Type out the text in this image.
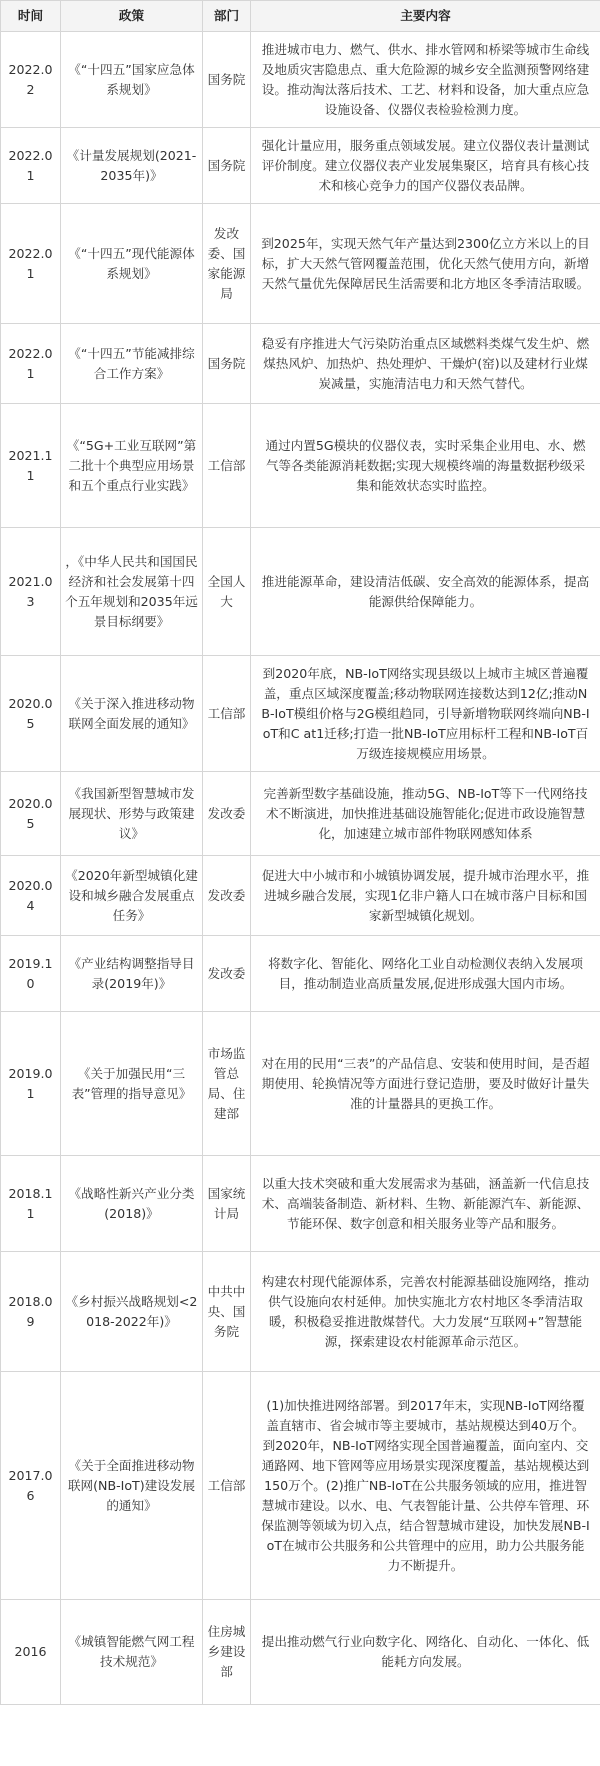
时间	政策	部门	主要内容
2022.02	《“十四五”国家应急体系规划》	国务院	推进城市电力、燃气、供水、排水管网和桥梁等城市生命线及地质灾害隐患点、重大危险源的城乡安全监测预警网络建设。推动淘汰落后技术、工艺、材料和设备，加大重点应急设施设备、仪器仪表检验检测力度。
2022.01	《计量发展规划(2021-2035年)》	国务院	强化计量应用，服务重点领域发展。建立仪器仪表计量测试评价制度。建立仪器仪表产业发展集聚区，培育具有核心技术和核心竞争力的国产仪器仪表品牌。
2022.01	《“十四五”现代能源体系规划》	发改委、国家能源局	到2025年，实现天然气年产量达到2300亿立方米以上的目标，扩大天然气管网覆盖范围，优化天然气使用方向，新增天然气量优先保障居民生活需要和北方地区冬季清洁取暖。
2022.01	《“十四五”节能减排综合工作方案》	国务院	稳妥有序推进大气污染防治重点区域燃料类煤气发生炉、燃煤热风炉、加热炉、热处理炉、干燥炉(窑)以及建材行业煤炭减量，实施清洁电力和天然气替代。
2021.11	《“5G+工业互联网”第二批十个典型应用场景和五个重点行业实践》	工信部	通过内置5G模块的仪器仪表，实时采集企业用电、水、燃气等各类能源消耗数据;实现大规模终端的海量数据秒级采集和能效状态实时监控。
2021.03	，《中华人民共和国国民经济和社会发展第十四个五年规划和2035年远景目标纲要》	全国人大	推进能源革命，建设清洁低碳、安全高效的能源体系，提高能源供给保障能力。
2020.05	《关于深入推进移动物联网全面发展的通知》	工信部	到2020年底，NB-IoT网络实现县级以上城市主城区普遍覆盖，重点区域深度覆盖;移动物联网连接数达到12亿;推动NB-IoT模组价格与2G模组趋同，引导新增物联网终端向NB-IoT和C at1迁移;打造一批NB-IoT应用标杆工程和NB-IoT百万级连接规模应用场景。
2020.05	《我国新型智慧城市发展现状、形势与政策建议》	发改委	完善新型数字基础设施，推动5G、NB-IoT等下一代网络技术不断演进，加快推进基础设施智能化;促进市政设施智慧化，加速建立城市部件物联网感知体系
2020.04	《2020年新型城镇化建设和城乡融合发展重点任务》	发改委	促进大中小城市和小城镇协调发展，提升城市治理水平，推进城乡融合发展，实现1亿非户籍人口在城市落户目标和国家新型城镇化规划。
2019.10	《产业结构调整指导目录(2019年)》	发改委	将数字化、智能化、网络化工业自动检测仪表纳入发展项目，推动制造业高质量发展,促进形成强大国内市场。
2019.01	《关于加强民用“三表”管理的指导意见》	市场监管总局、住建部	对在用的民用“三表”的产品信息、安装和使用时间，是否超期使用、轮换情况等方面进行登记造册，要及时做好计量失准的计量器具的更换工作。
2018.11	《战略性新兴产业分类(2018)》	国家统计局	以重大技术突破和重大发展需求为基础，涵盖新一代信息技术、高端装备制造、新材料、生物、新能源汽车、新能源、节能环保、数字创意和相关服务业等产品和服务。
2018.09	《乡村振兴战略规划<2018-2022年)》	中共中央、国务院	构建农村现代能源体系，完善农村能源基础设施网络，推动供气设施向农村延伸。加快实施北方农村地区冬季清洁取暖，积极稳妥推进散煤替代。大力发展“互联网+”智慧能源，探索建设农村能源革命示范区。
2017.06	《关于全面推进移动物联网(NB-IoT)建设发展的通知》	工信部	(1)加快推进网络部署。到2017年末，实现NB-IoT网络覆盖直辖市、省会城市等主要城市，基站规模达到40万个。到2020年，NB-IoT网络实现全国普遍覆盖，面向室内、交通路网、地下管网等应用场景实现深度覆盖，基站规模达到150万个。(2)推广NB-IoT在公共服务领域的应用，推进智慧城市建设。以水、电、气表智能计量、公共停车管理、环保监测等领域为切入点，结合智慧城市建设，加快发展NB-IoT在城市公共服务和公共管理中的应用，助力公共服务能力不断提升。
2016	《城镇智能燃气网工程技术规范》	住房城乡建设部	提出推动燃气行业向数字化、网络化、自动化、一体化、低能耗方向发展。
